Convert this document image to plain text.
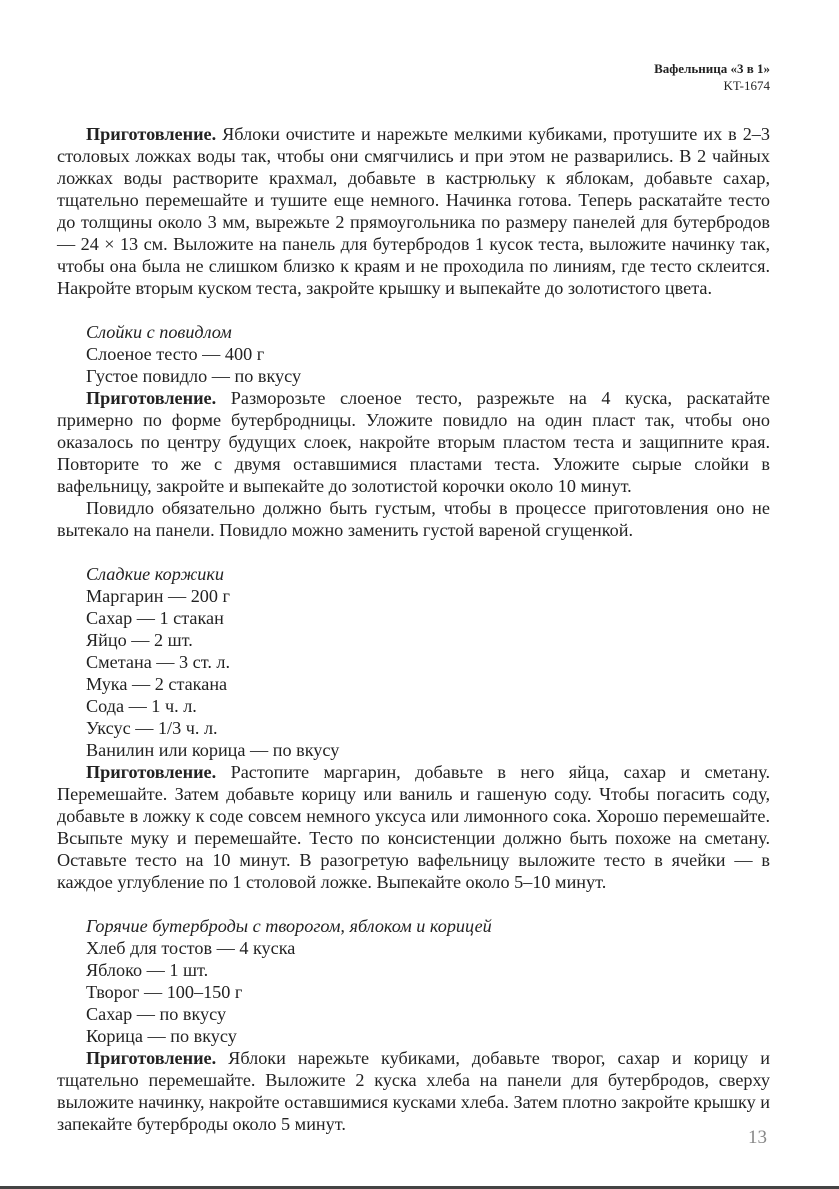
Вафельница «3 в 1»
KT-1674

Приготовление. Яблоки очистите и нарежьте мелкими кубиками, протушите их в 2–3 столовых ложках воды так, чтобы они смягчились и при этом не разварились. В 2 чайных ложках воды растворите крахмал, добавьте в кастрюльку к яблокам, добавьте сахар, тщательно перемешайте и тушите еще немного. Начинка готова. Теперь раскатайте тесто до толщины около 3 мм, вырежьте 2 прямоугольника по размеру панелей для бутербродов — 24 × 13 см. Выложите на панель для бутербродов 1 кусок теста, выложите начинку так, чтобы она была не слишком близко к краям и не проходила по линиям, где тесто склеится. Накройте вторым куском теста, закройте крышку и выпекайте до золотистого цвета.

Слойки с повидлом

Слоеное тесто — 400 г

Густое повидло — по вкусу

Приготовление. Разморозьте слоеное тесто, разрежьте на 4 куска, раскатайте примерно по форме бутербродницы. Уложите повидло на один пласт так, чтобы оно оказалось по центру будущих слоек, накройте вторым пластом теста и защипните края. Повторите то же с двумя оставшимися пластами теста. Уложите сырые слойки в вафельницу, закройте и выпекайте до золотистой корочки около 10 минут.

Повидло обязательно должно быть густым, чтобы в процессе приготовления оно не вытекало на панели. Повидло можно заменить густой вареной сгущенкой.

Сладкие коржики

Маргарин — 200 г

Сахар — 1 стакан

Яйцо — 2 шт.

Сметана — 3 ст. л.

Мука — 2 стакана

Сода — 1 ч. л.

Уксус — 1/3 ч. л.

Ванилин или корица — по вкусу

Приготовление. Растопите маргарин, добавьте в него яйца, сахар и сметану. Перемешайте. Затем добавьте корицу или ваниль и гашеную соду. Чтобы погасить соду, добавьте в ложку к соде совсем немного уксуса или лимонного сока. Хорошо перемешайте. Всыпьте муку и перемешайте. Тесто по консистенции должно быть похоже на сметану. Оставьте тесто на 10 минут. В разогретую вафельницу выложите тесто в ячейки — в каждое углубление по 1 столовой ложке. Выпекайте около 5–10 минут.

Горячие бутерброды с творогом, яблоком и корицей

Хлеб для тостов — 4 куска

Яблоко — 1 шт.

Творог — 100–150 г

Сахар — по вкусу

Корица — по вкусу

Приготовление. Яблоки нарежьте кубиками, добавьте творог, сахар и корицу и тщательно перемешайте. Выложите 2 куска хлеба на панели для бутербродов, сверху выложите начинку, накройте оставшимися кусками хлеба. Затем плотно закройте крышку и запекайте бутерброды около 5 минут.

13
